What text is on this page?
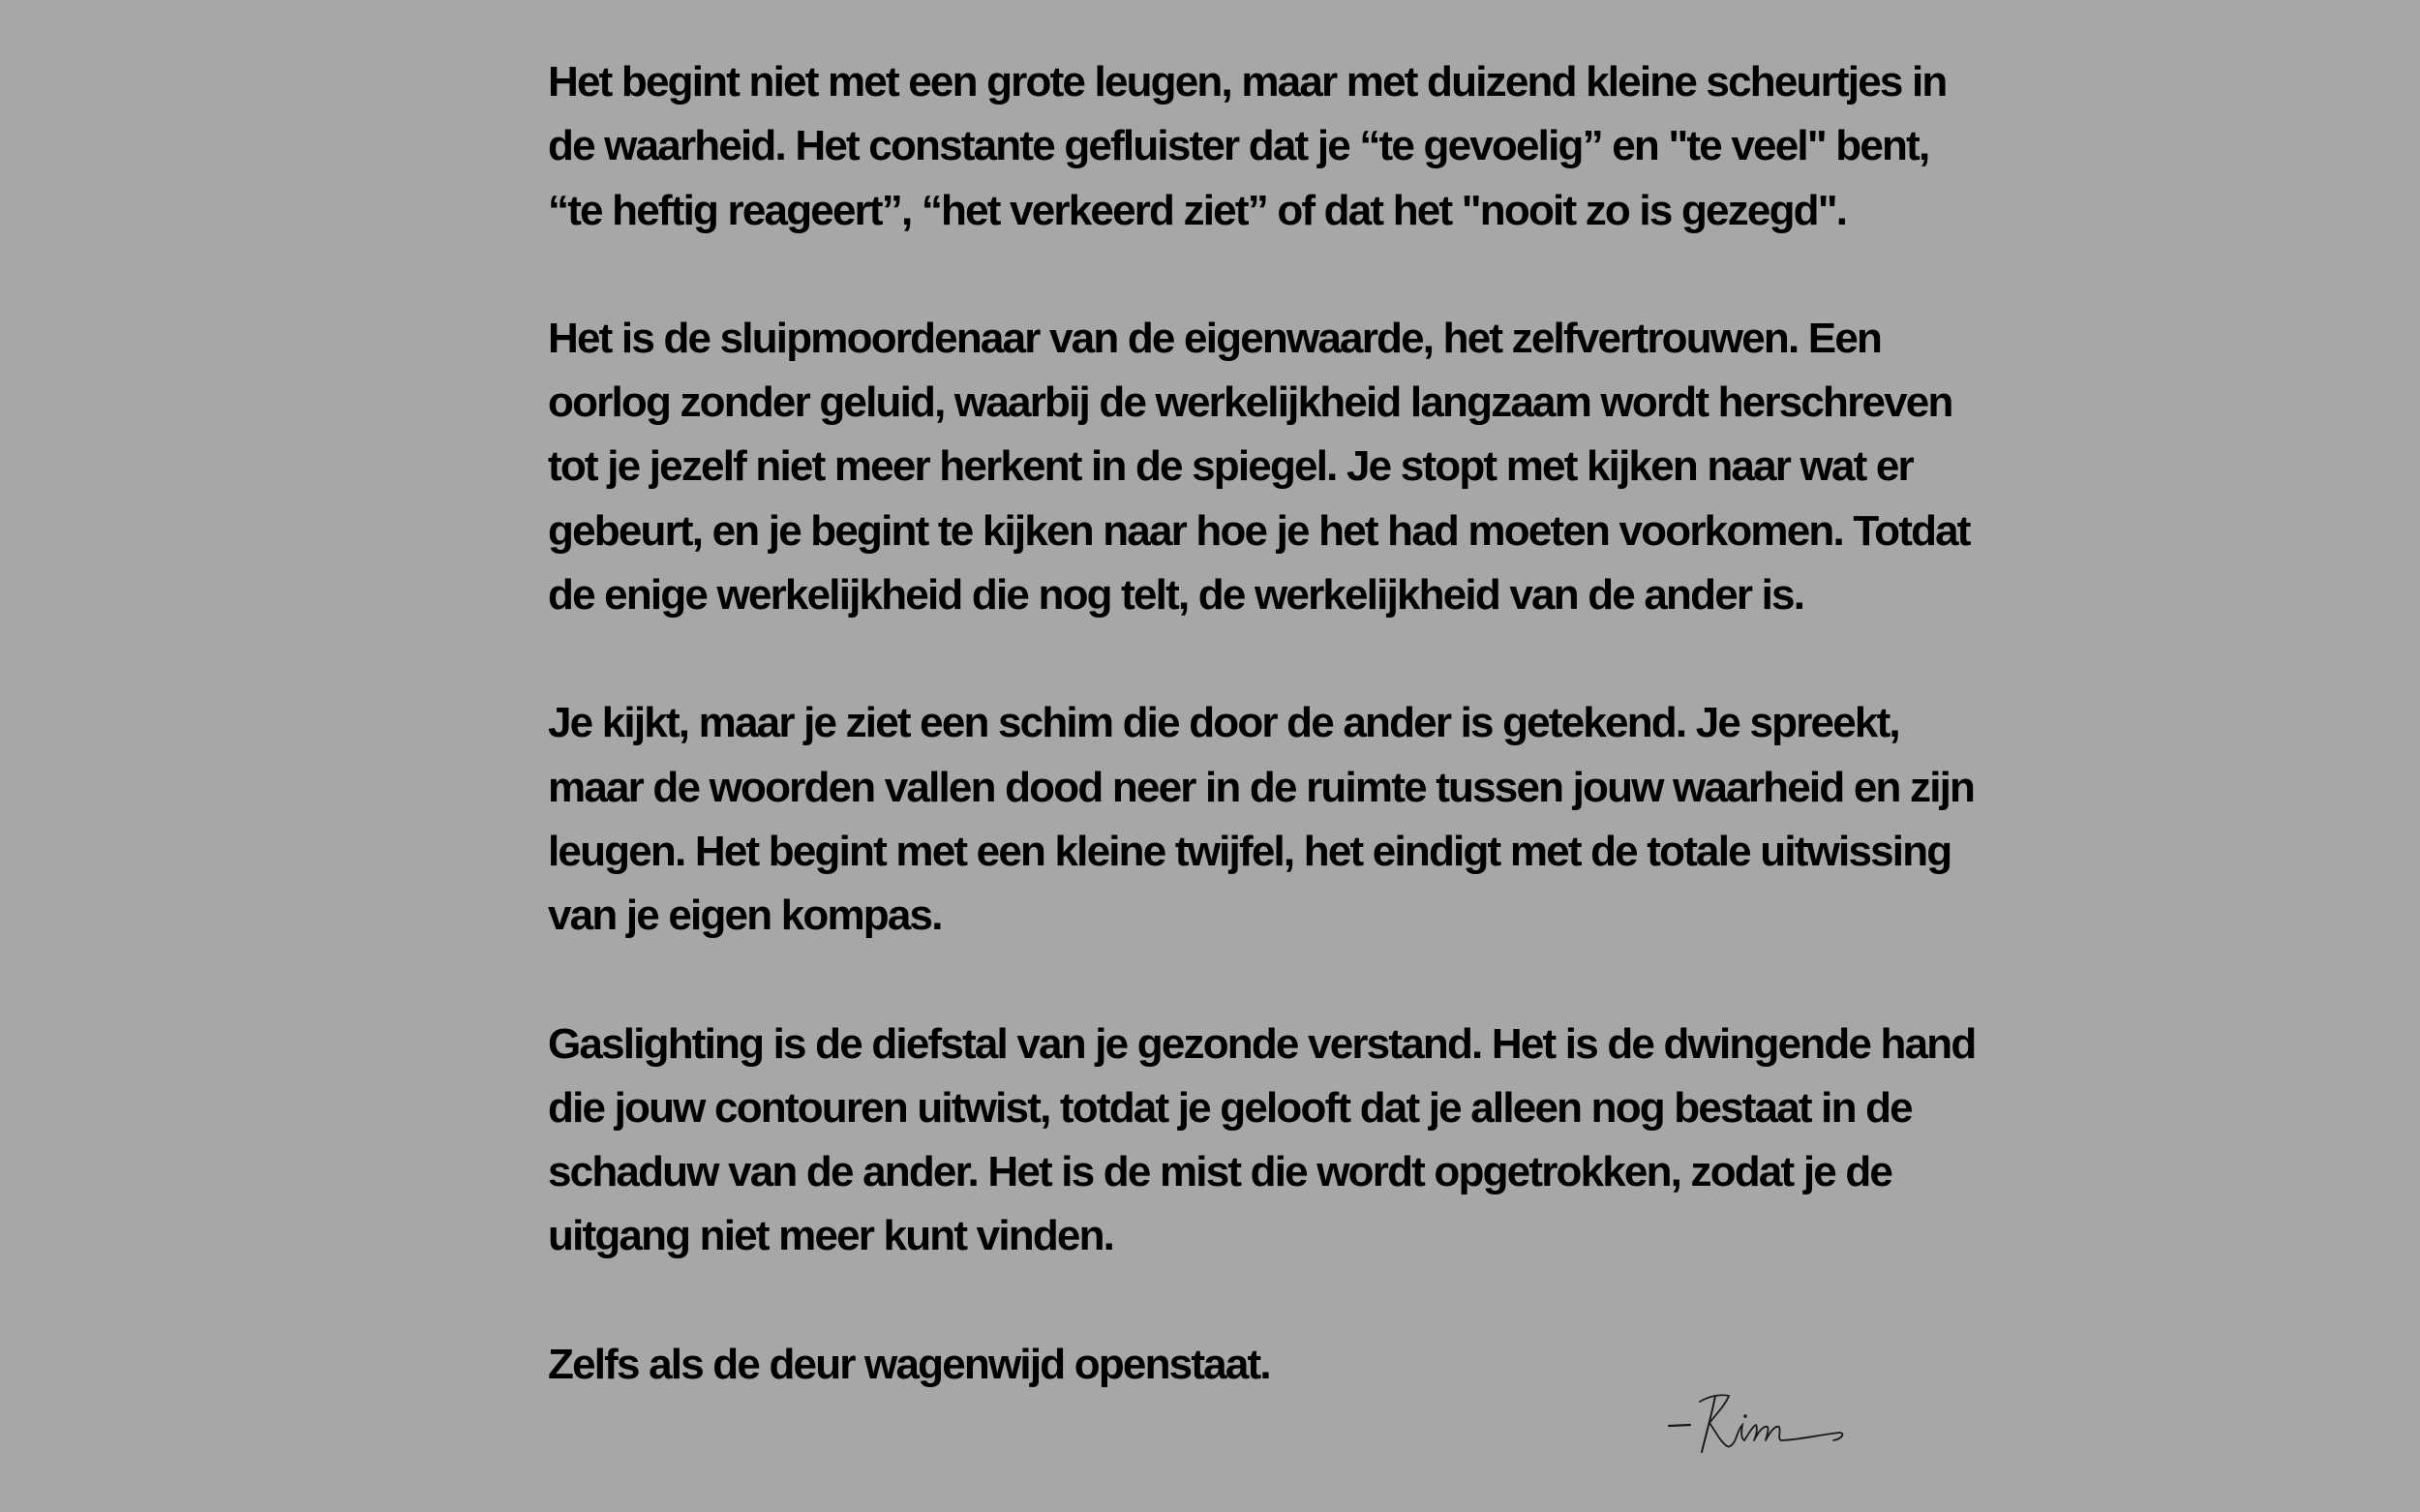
Het begint niet met een grote leugen, maar met duizend kleine scheurtjes in
de waarheid. Het constante gefluister dat je “te gevoelig” en "te veel" bent,
“te heftig reageert”, “het verkeerd ziet” of dat het "nooit zo is gezegd".

Het is de sluipmoordenaar van de eigenwaarde, het zelfvertrouwen. Een
oorlog zonder geluid, waarbij de werkelijkheid langzaam wordt herschreven
tot je jezelf niet meer herkent in de spiegel. Je stopt met kijken naar wat er
gebeurt, en je begint te kijken naar hoe je het had moeten voorkomen. Totdat
de enige werkelijkheid die nog telt, de werkelijkheid van de ander is.

Je kijkt, maar je ziet een schim die door de ander is getekend. Je spreekt,
maar de woorden vallen dood neer in de ruimte tussen jouw waarheid en zijn
leugen. Het begint met een kleine twijfel, het eindigt met de totale uitwissing
van je eigen kompas.

Gaslighting is de diefstal van je gezonde verstand. Het is de dwingende hand
die jouw contouren uitwist, totdat je gelooft dat je alleen nog bestaat in de
schaduw van de ander. Het is de mist die wordt opgetrokken, zodat je de
uitgang niet meer kunt vinden.

Zelfs als de deur wagenwijd openstaat.
